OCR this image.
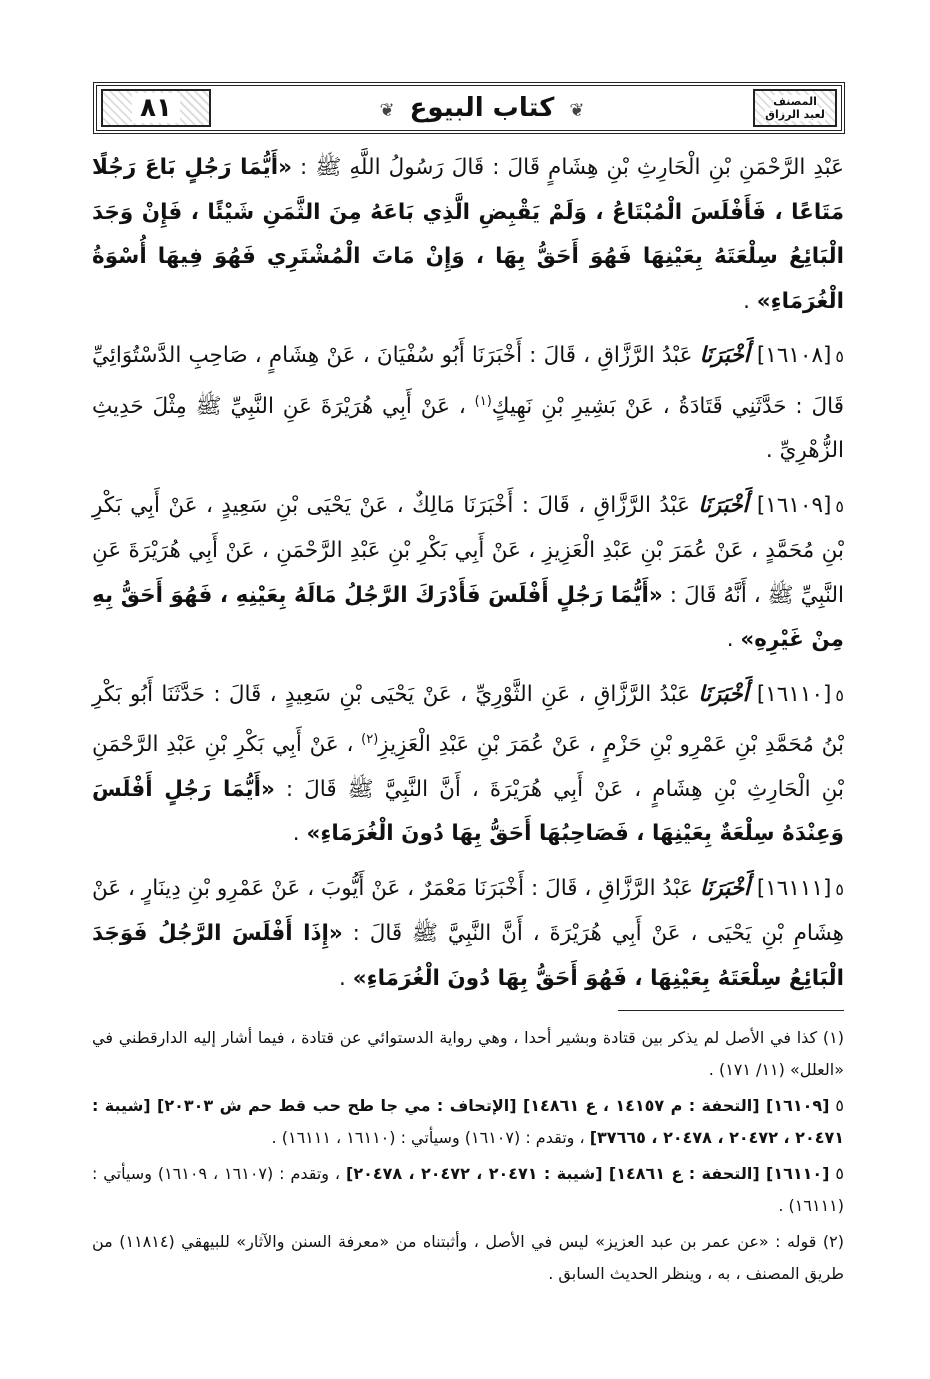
٨١	❦ كتاب البيوع ❦	المصنف
لعبد الرزاق

عَبْدِ الرَّحْمَنِ بْنِ الْحَارِثِ بْنِ هِشَامٍ قَالَ : قَالَ رَسُولُ اللَّهِ ﷺ : «أَيُّمَا رَجُلٍ بَاعَ رَجُلًا مَتَاعًا ، فَأَفْلَسَ الْمُبْتَاعُ ، وَلَمْ يَقْبِضِ الَّذِي بَاعَهُ مِنَ الثَّمَنِ شَيْئًا ، فَإِنْ وَجَدَ الْبَائِعُ سِلْعَتَهُ بِعَيْنِهَا فَهُوَ أَحَقُّ بِهَا ، وَإِنْ مَاتَ الْمُشْتَرِي فَهُوَ فِيهَا أُسْوَةُ الْغُرَمَاءِ» .

٥[١٦١٠٨] أَخْبَرَنَا عَبْدُ الرَّزَّاقِ ، قَالَ : أَخْبَرَنَا أَبُو سُفْيَانَ ، عَنْ هِشَامٍ ، صَاحِبِ الدَّسْتُوَائِيِّ قَالَ : حَدَّثَنِي قَتَادَةُ ، عَنْ بَشِيرِ بْنِ نَهِيكٍ$^{(١)}$ ، عَنْ أَبِي هُرَيْرَةَ عَنِ النَّبِيِّ ﷺ مِثْلَ حَدِيثِ الزُّهْرِيِّ .

٥[١٦١٠٩] أَخْبَرَنَا عَبْدُ الرَّزَّاقِ ، قَالَ : أَخْبَرَنَا مَالِكٌ ، عَنْ يَحْيَى بْنِ سَعِيدٍ ، عَنْ أَبِي بَكْرِ بْنِ مُحَمَّدٍ ، عَنْ عُمَرَ بْنِ عَبْدِ الْعَزِيزِ ، عَنْ أَبِي بَكْرِ بْنِ عَبْدِ الرَّحْمَنِ ، عَنْ أَبِي هُرَيْرَةَ عَنِ النَّبِيِّ ﷺ ، أَنَّهُ قَالَ : «أَيُّمَا رَجُلٍ أَفْلَسَ فَأَدْرَكَ الرَّجُلُ مَالَهُ بِعَيْنِهِ ، فَهُوَ أَحَقُّ بِهِ مِنْ غَيْرِهِ» .

٥[١٦١١٠] أَخْبَرَنَا عَبْدُ الرَّزَّاقِ ، عَنِ الثَّوْرِيِّ ، عَنْ يَحْيَى بْنِ سَعِيدٍ ، قَالَ : حَدَّثَنَا أَبُو بَكْرِ بْنُ مُحَمَّدِ بْنِ عَمْرِو بْنِ حَزْمٍ ، عَنْ عُمَرَ بْنِ عَبْدِ الْعَزِيزِ$^{(٢)}$ ، عَنْ أَبِي بَكْرِ بْنِ عَبْدِ الرَّحْمَنِ بْنِ الْحَارِثِ بْنِ هِشَامٍ ، عَنْ أَبِي هُرَيْرَةَ ، أَنَّ النَّبِيَّ ﷺ قَالَ : «أَيُّمَا رَجُلٍ أَفْلَسَ وَعِنْدَهُ سِلْعَةٌ بِعَيْنِهَا ، فَصَاحِبُهَا أَحَقُّ بِهَا دُونَ الْغُرَمَاءِ» .

٥[١٦١١١] أَخْبَرَنَا عَبْدُ الرَّزَّاقِ ، قَالَ : أَخْبَرَنَا مَعْمَرٌ ، عَنْ أَيُّوبَ ، عَنْ عَمْرِو بْنِ دِينَارٍ ، عَنْ هِشَامِ بْنِ يَحْيَى ، عَنْ أَبِي هُرَيْرَةَ ، أَنَّ النَّبِيَّ ﷺ قَالَ : «إِذَا أَفْلَسَ الرَّجُلُ فَوَجَدَ الْبَائِعُ سِلْعَتَهُ بِعَيْنِهَا ، فَهُوَ أَحَقُّ بِهَا دُونَ الْغُرَمَاءِ» .

(١) كذا في الأصل لم يذكر بين قتادة وبشير أحدا ، وهي رواية الدستوائي عن قتادة ، فيما أشار إليه الدارقطني في «العلل» (١١/ ١٧١) .

٥ [١٦١٠٩] [التحفة : م ١٤١٥٧ ، ع ١٤٨٦١] [الإتحاف : مي جا طح حب قط حم ش ٢٠٣٠٣] [شيبة : ٢٠٤٧١ ، ٢٠٤٧٢ ، ٢٠٤٧٨ ، ٣٧٦٦٥] ، وتقدم : (١٦١٠٧) وسيأتي : (١٦١١٠ ، ١٦١١١) .

٥ [١٦١١٠] [التحفة : ع ١٤٨٦١] [شيبة : ٢٠٤٧١ ، ٢٠٤٧٢ ، ٢٠٤٧٨] ، وتقدم : (١٦١٠٧ ، ١٦١٠٩) وسيأتي : (١٦١١١) .

(٢) قوله : «عن عمر بن عبد العزيز» ليس في الأصل ، وأثبتناه من «معرفة السنن والآثار» للبيهقي (١١٨١٤) من طريق المصنف ، به ، وينظر الحديث السابق .
